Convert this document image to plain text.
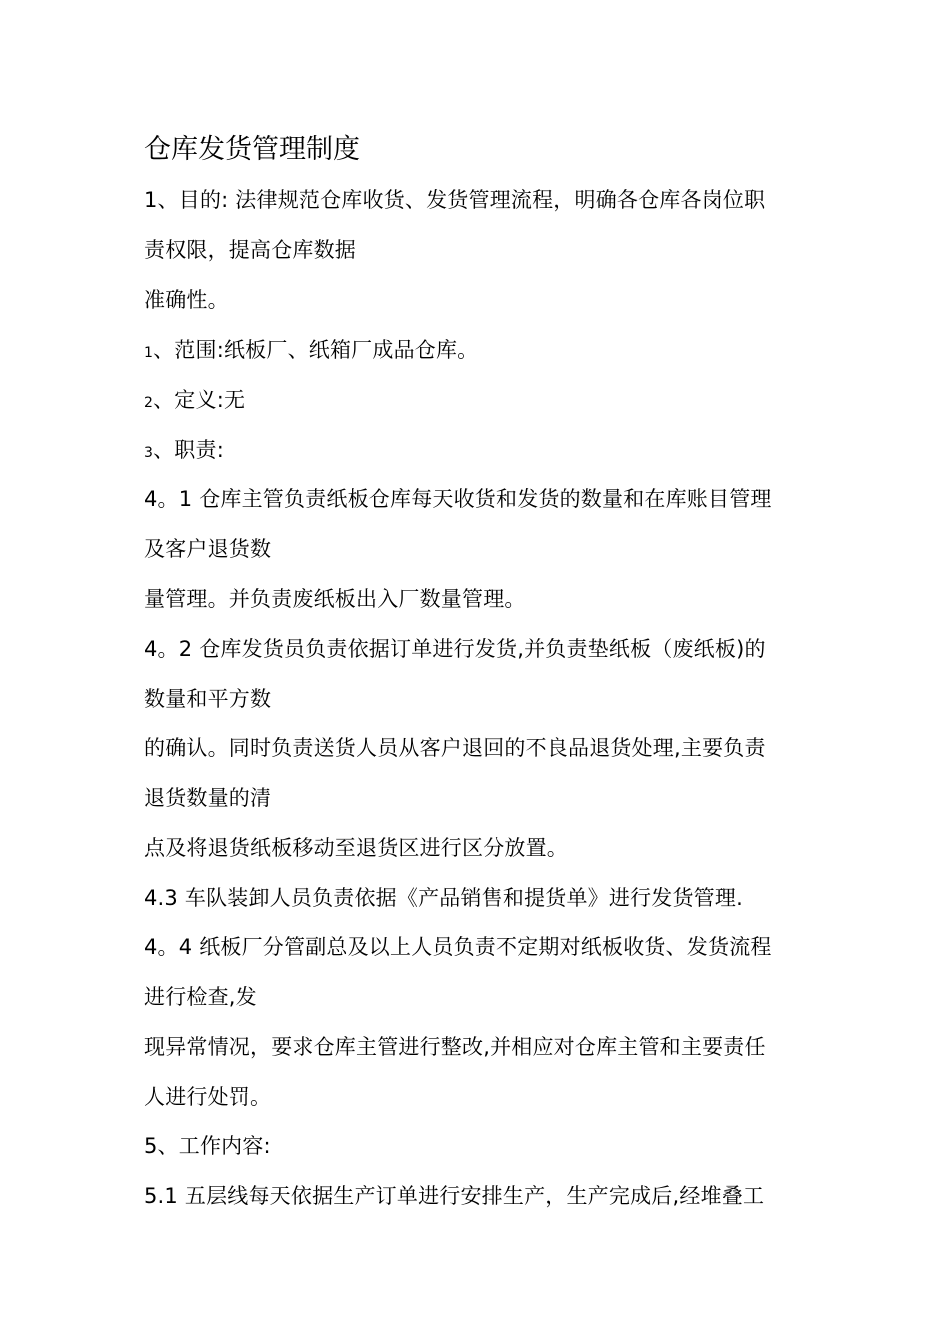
仓库发货管理制度
1、目的: 法律规范仓库收货、发货管理流程，明确各仓库各岗位职
责权限，提高仓库数据
准确性。
1、范围:纸板厂、纸箱厂成品仓库。
2、定义:无
3、职责:
4。1 仓库主管负责纸板仓库每天收货和发货的数量和在库账目管理
及客户退货数
量管理。并负责废纸板出入厂数量管理。
4。2 仓库发货员负责依据订单进行发货,并负责垫纸板（废纸板)的
数量和平方数
的确认。同时负责送货人员从客户退回的不良品退货处理,主要负责
退货数量的清
点及将退货纸板移动至退货区进行区分放置。
4.3 车队装卸人员负责依据《产品销售和提货单》进行发货管理.
4。4 纸板厂分管副总及以上人员负责不定期对纸板收货、发货流程
进行检查,发
现异常情况，要求仓库主管进行整改,并相应对仓库主管和主要责任
人进行处罚。
5、工作内容:
5.1 五层线每天依据生产订单进行安排生产，生产完成后,经堆叠工
